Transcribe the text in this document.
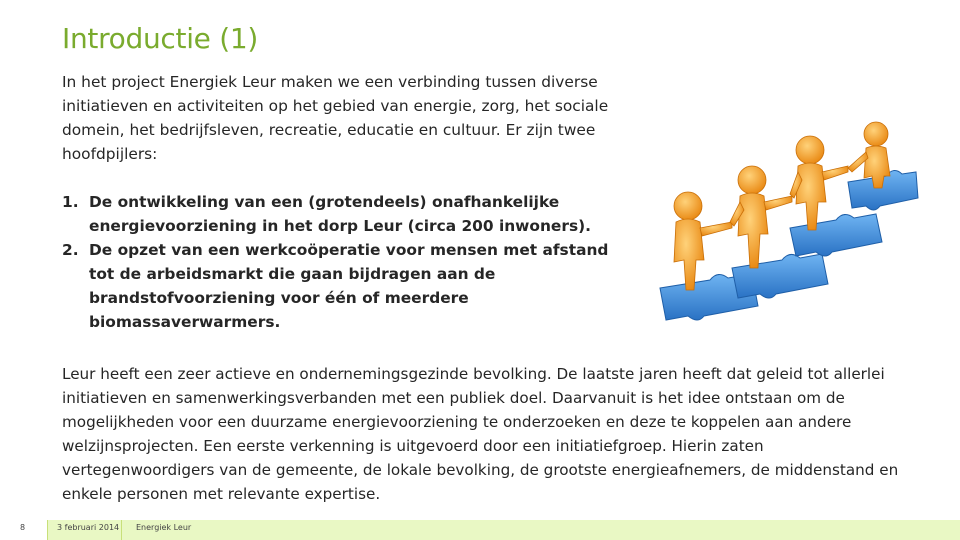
Introductie (1)
In het project Energiek Leur maken we een verbinding tussen diverse initiatieven en activiteiten op het gebied van energie, zorg, het sociale domein, het bedrijfsleven, recreatie, educatie en cultuur. Er zijn twee hoofdpijlers:
1. De ontwikkeling van een (grotendeels) onafhankelijke energievoorziening in het dorp Leur (circa 200 inwoners).
2. De opzet van een werkcoöperatie voor mensen met afstand tot de arbeidsmarkt die gaan bijdragen aan de brandstofvoorziening voor één of meerdere biomassaverwarmers.
Leur heeft een zeer actieve en ondernemingsgezinde bevolking. De laatste jaren heeft dat geleid tot allerlei initiatieven en samenwerkingsverbanden met een publiek doel. Daarvanuit is het idee ontstaan om de mogelijkheden voor een duurzame energievoorziening te onderzoeken en deze te koppelen aan andere welzijnsprojecten. Een eerste verkenning is uitgevoerd door een initiatiefgroep. Hierin zaten vertegenwoordigers van de gemeente, de lokale bevolking, de grootste energieafnemers, de middenstand en enkele personen met relevante expertise.
8	3 februari 2014 Energiek Leur
